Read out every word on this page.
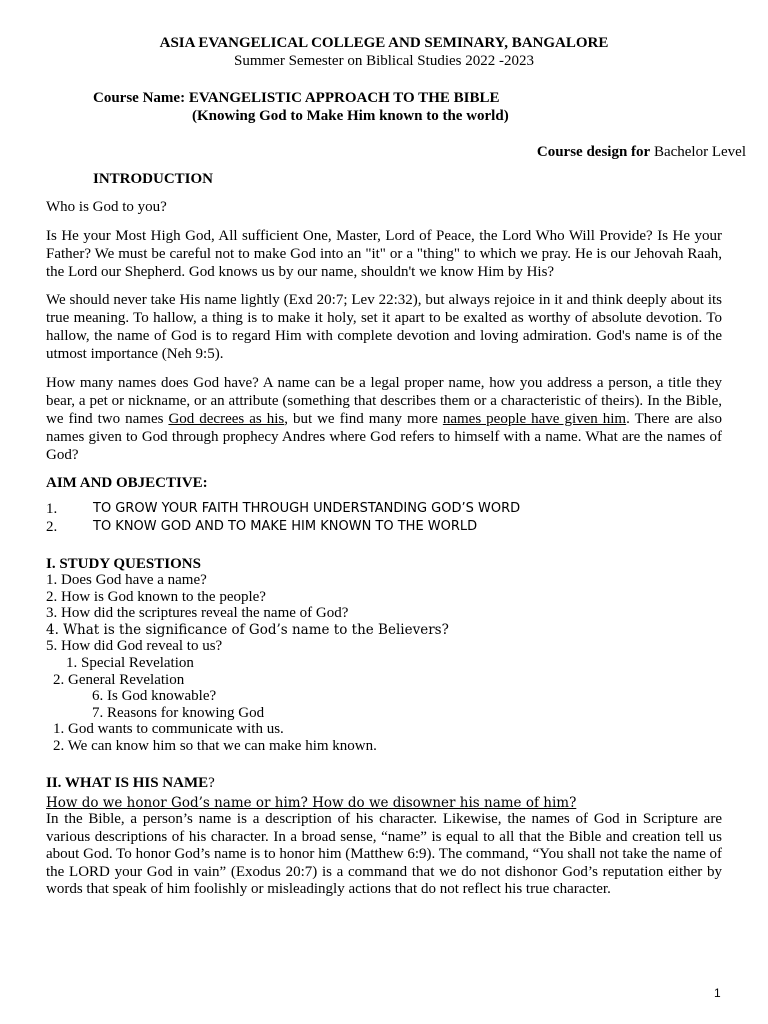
ASIA EVANGELICAL COLLEGE AND SEMINARY, BANGALORE
Summer Semester on Biblical Studies 2022 -2023
Course Name: EVANGELISTIC APPROACH TO THE BIBLE
(Knowing God to Make Him known to the world)
Course design for Bachelor Level
INTRODUCTION

Who is God to you?

Is He your Most High God, All sufficient One, Master, Lord of Peace, the Lord Who Will Provide? Is He your Father? We must be careful not to make God into an "it" or a "thing" to which we pray. He is our Jehovah Raah, the Lord our Shepherd. God knows us by our name, shouldn't we know Him by His?

We should never take His name lightly (Exd 20:7; Lev 22:32), but always rejoice in it and think deeply about its true meaning. To hallow, a thing is to make it holy, set it apart to be exalted as worthy of absolute devotion. To hallow, the name of God is to regard Him with complete devotion and loving admiration. God's name is of the utmost importance (Neh 9:5).

How many names does God have? A name can be a legal proper name, how you address a person, a title they bear, a pet or nickname, or an attribute (something that describes them or a characteristic of theirs). In the Bible, we find two names God decrees as his, but we find many more names people have given him. There are also names given to God through prophecy Andres where God refers to himself with a name. What are the names of God?

AIM AND OBJECTIVE:
1.	TO GROW YOUR FAITH THROUGH UNDERSTANDING GOD’S WORD
2.	TO KNOW GOD AND TO MAKE HIM KNOWN TO THE WORLD
I. STUDY QUESTIONS
1. Does God have a name?
2. How is God known to the people?
3. How did the scriptures reveal the name of God?
4. What is the significance of God’s name to the Believers?
5. How did God reveal to us?
1. Special Revelation
2. General Revelation
6. Is God knowable?
7. Reasons for knowing God
1. God wants to communicate with us.
2. We can know him so that we can make him known.
II. WHAT IS HIS NAME?
How do we honor God’s name or him? How do we disowner his name of him?

In the Bible, a person’s name is a description of his character. Likewise, the names of God in Scripture are various descriptions of his character. In a broad sense, “name” is equal to all that the Bible and creation tell us about God. To honor God’s name is to honor him (Matthew 6:9). The command, “You shall not take the name of the LORD your God in vain” (Exodus 20:7) is a command that we do not dishonor God’s reputation either by words that speak of him foolishly or misleadingly actions that do not reflect his true character.

1
